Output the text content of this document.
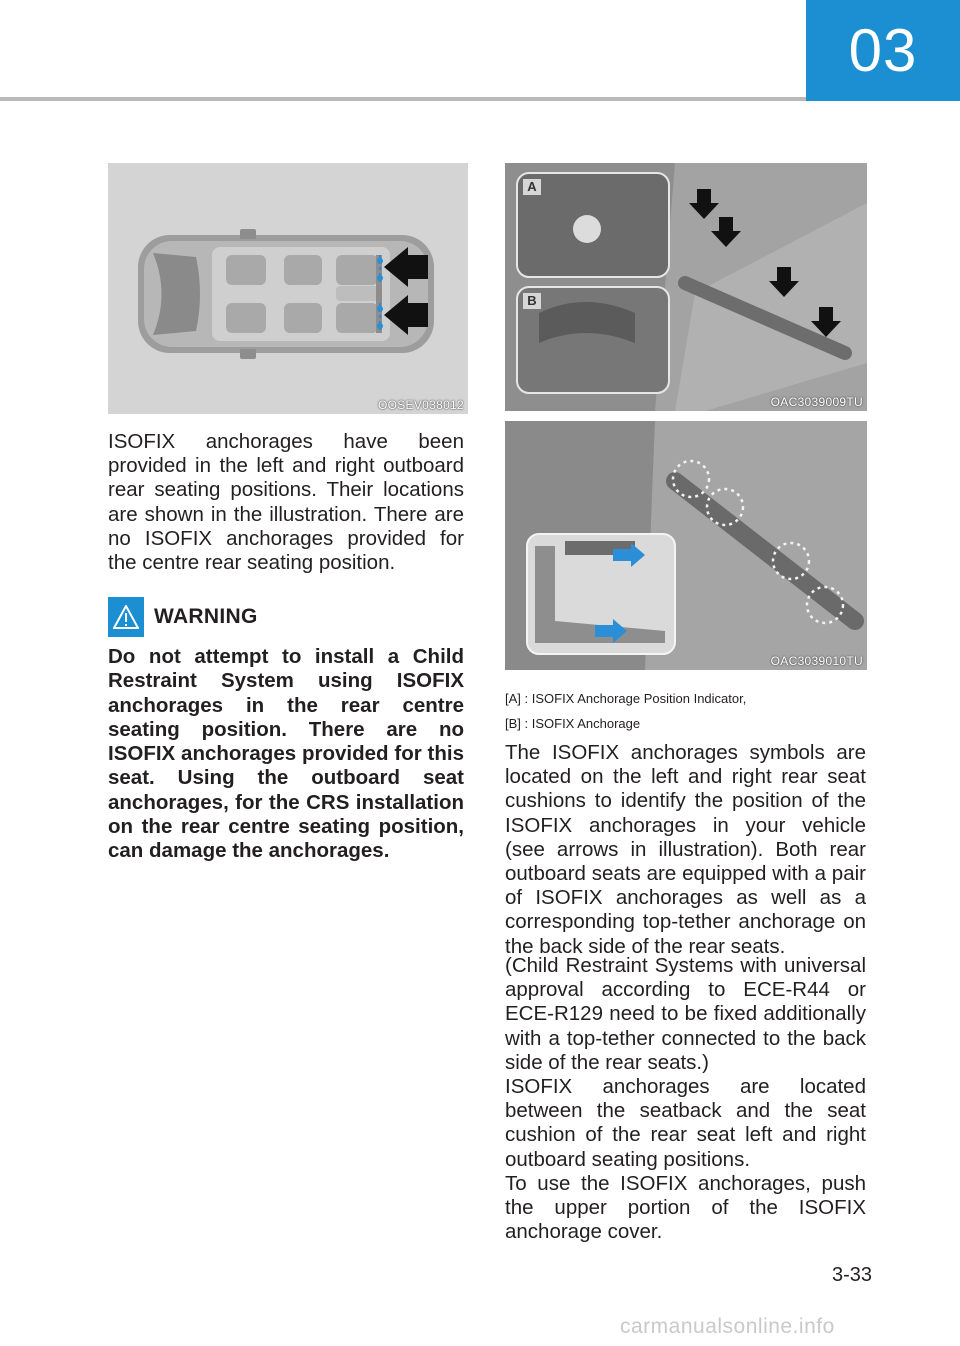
03
OOSEV038012

ISOFIX anchorages have been provided in the left and right outboard rear seating positions. Their locations are shown in the illustration. There are no ISOFIX anchorages provided for the centre rear seating position.

WARNING

Do not attempt to install a Child Restraint System using ISOFIX anchorages in the rear centre seating position. There are no ISOFIX anchorages provided for this seat. Using the outboard seat anchorages, for the CRS installation on the rear centre seating position, can damage the anchorages.

A
B
OAC3039009TU
OAC3039010TU
[A] : ISOFIX Anchorage Position Indicator,
[B] : ISOFIX Anchorage

The ISOFIX anchorages symbols are located on the left and right rear seat cushions to identify the position of the ISOFIX anchorages in your vehicle (see arrows in illustration). Both rear outboard seats are equipped with a pair of ISOFIX anchorages as well as a corresponding top-tether anchorage on the back side of the rear seats.

(Child Restraint Systems with universal approval according to ECE-R44 or ECE-R129 need to be fixed additionally with a top-tether connected to the back side of the rear seats.)

ISOFIX anchorages are located between the seatback and the seat cushion of the rear seat left and right outboard seating positions.

To use the ISOFIX anchorages, push the upper portion of the ISOFIX anchorage cover.

3-33
carmanualsonline.info
